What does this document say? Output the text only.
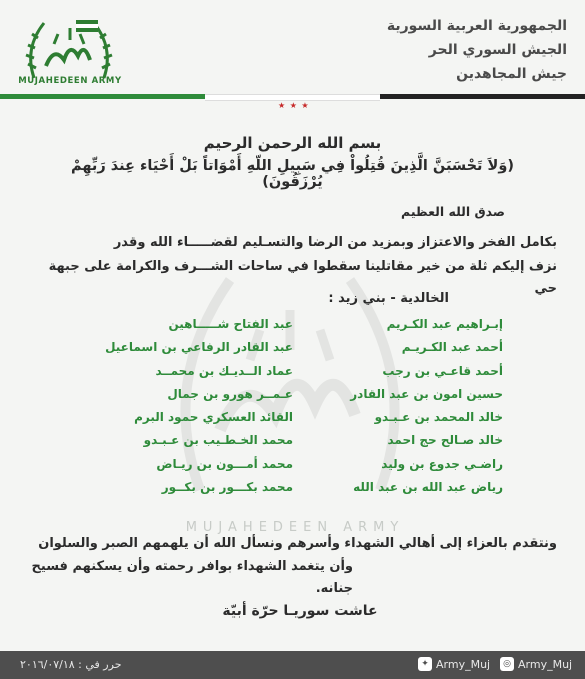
MUJAHEDEEN ARMY
الجمهورية العربية السورية
الجيش السوري الحر
جيش المجاهدين
★ ★ ★
MUJAHEDEEN ARMY
بسم الله الرحمن الرحيم
(وَلاَ تَحْسَبَنَّ الَّذِينَ قُتِلُواْ فِي سَبِيلِ اللّهِ أَمْوَاتاً بَلْ أَحْيَاء عِندَ رَبِّهِمْ يُرْزَقُونَ)
صدق الله العظيم
بكامل الفخر والاعتزاز وبمزيد من الرضا والتسـليم لقضـــــاء الله وقدر
نزف إليكم ثلة من خير مقاتلينا سقطوا في ساحات الشـــرف والكرامة على جبهة حي
الخالدية - بني زيد :
إبـراهيم عبد الكـريم
أحمد عبد الكـريـم
أحمد قاعـي بن رجب
حسين امون بن عبد القادر
خالد المحمد بن عـبـدو
خالد صـالح حج احمد
راضـي جدوع بن وليد
رياض عبد الله بن عبد الله
عبد الفتاح شـــــاهين
عبد القادر الرفاعي بن اسماعيل
عماد الــديـك بن محمــد
عـمــر هورو بن جمال
القائد العسكري حمود البرم
محمد الخـطـيب بن عـبـدو
محمد أمـــون بن ريـاض
محمد بكـــور بن بكــور
ونتقدم بالعزاء إلى أهالي الشهداء وأسرهم ونسأل الله أن يلهمهم الصبر والسلوان
وأن يتغمد الشهداء بوافر رحمته وأن يسكنهم فسيح جنانه.
عاشت سوريـا حرّة أبيّة
حرر في : ٢٠١٦/٠٧/١٨	◎ Army_Muj
✦ Army_Muj
